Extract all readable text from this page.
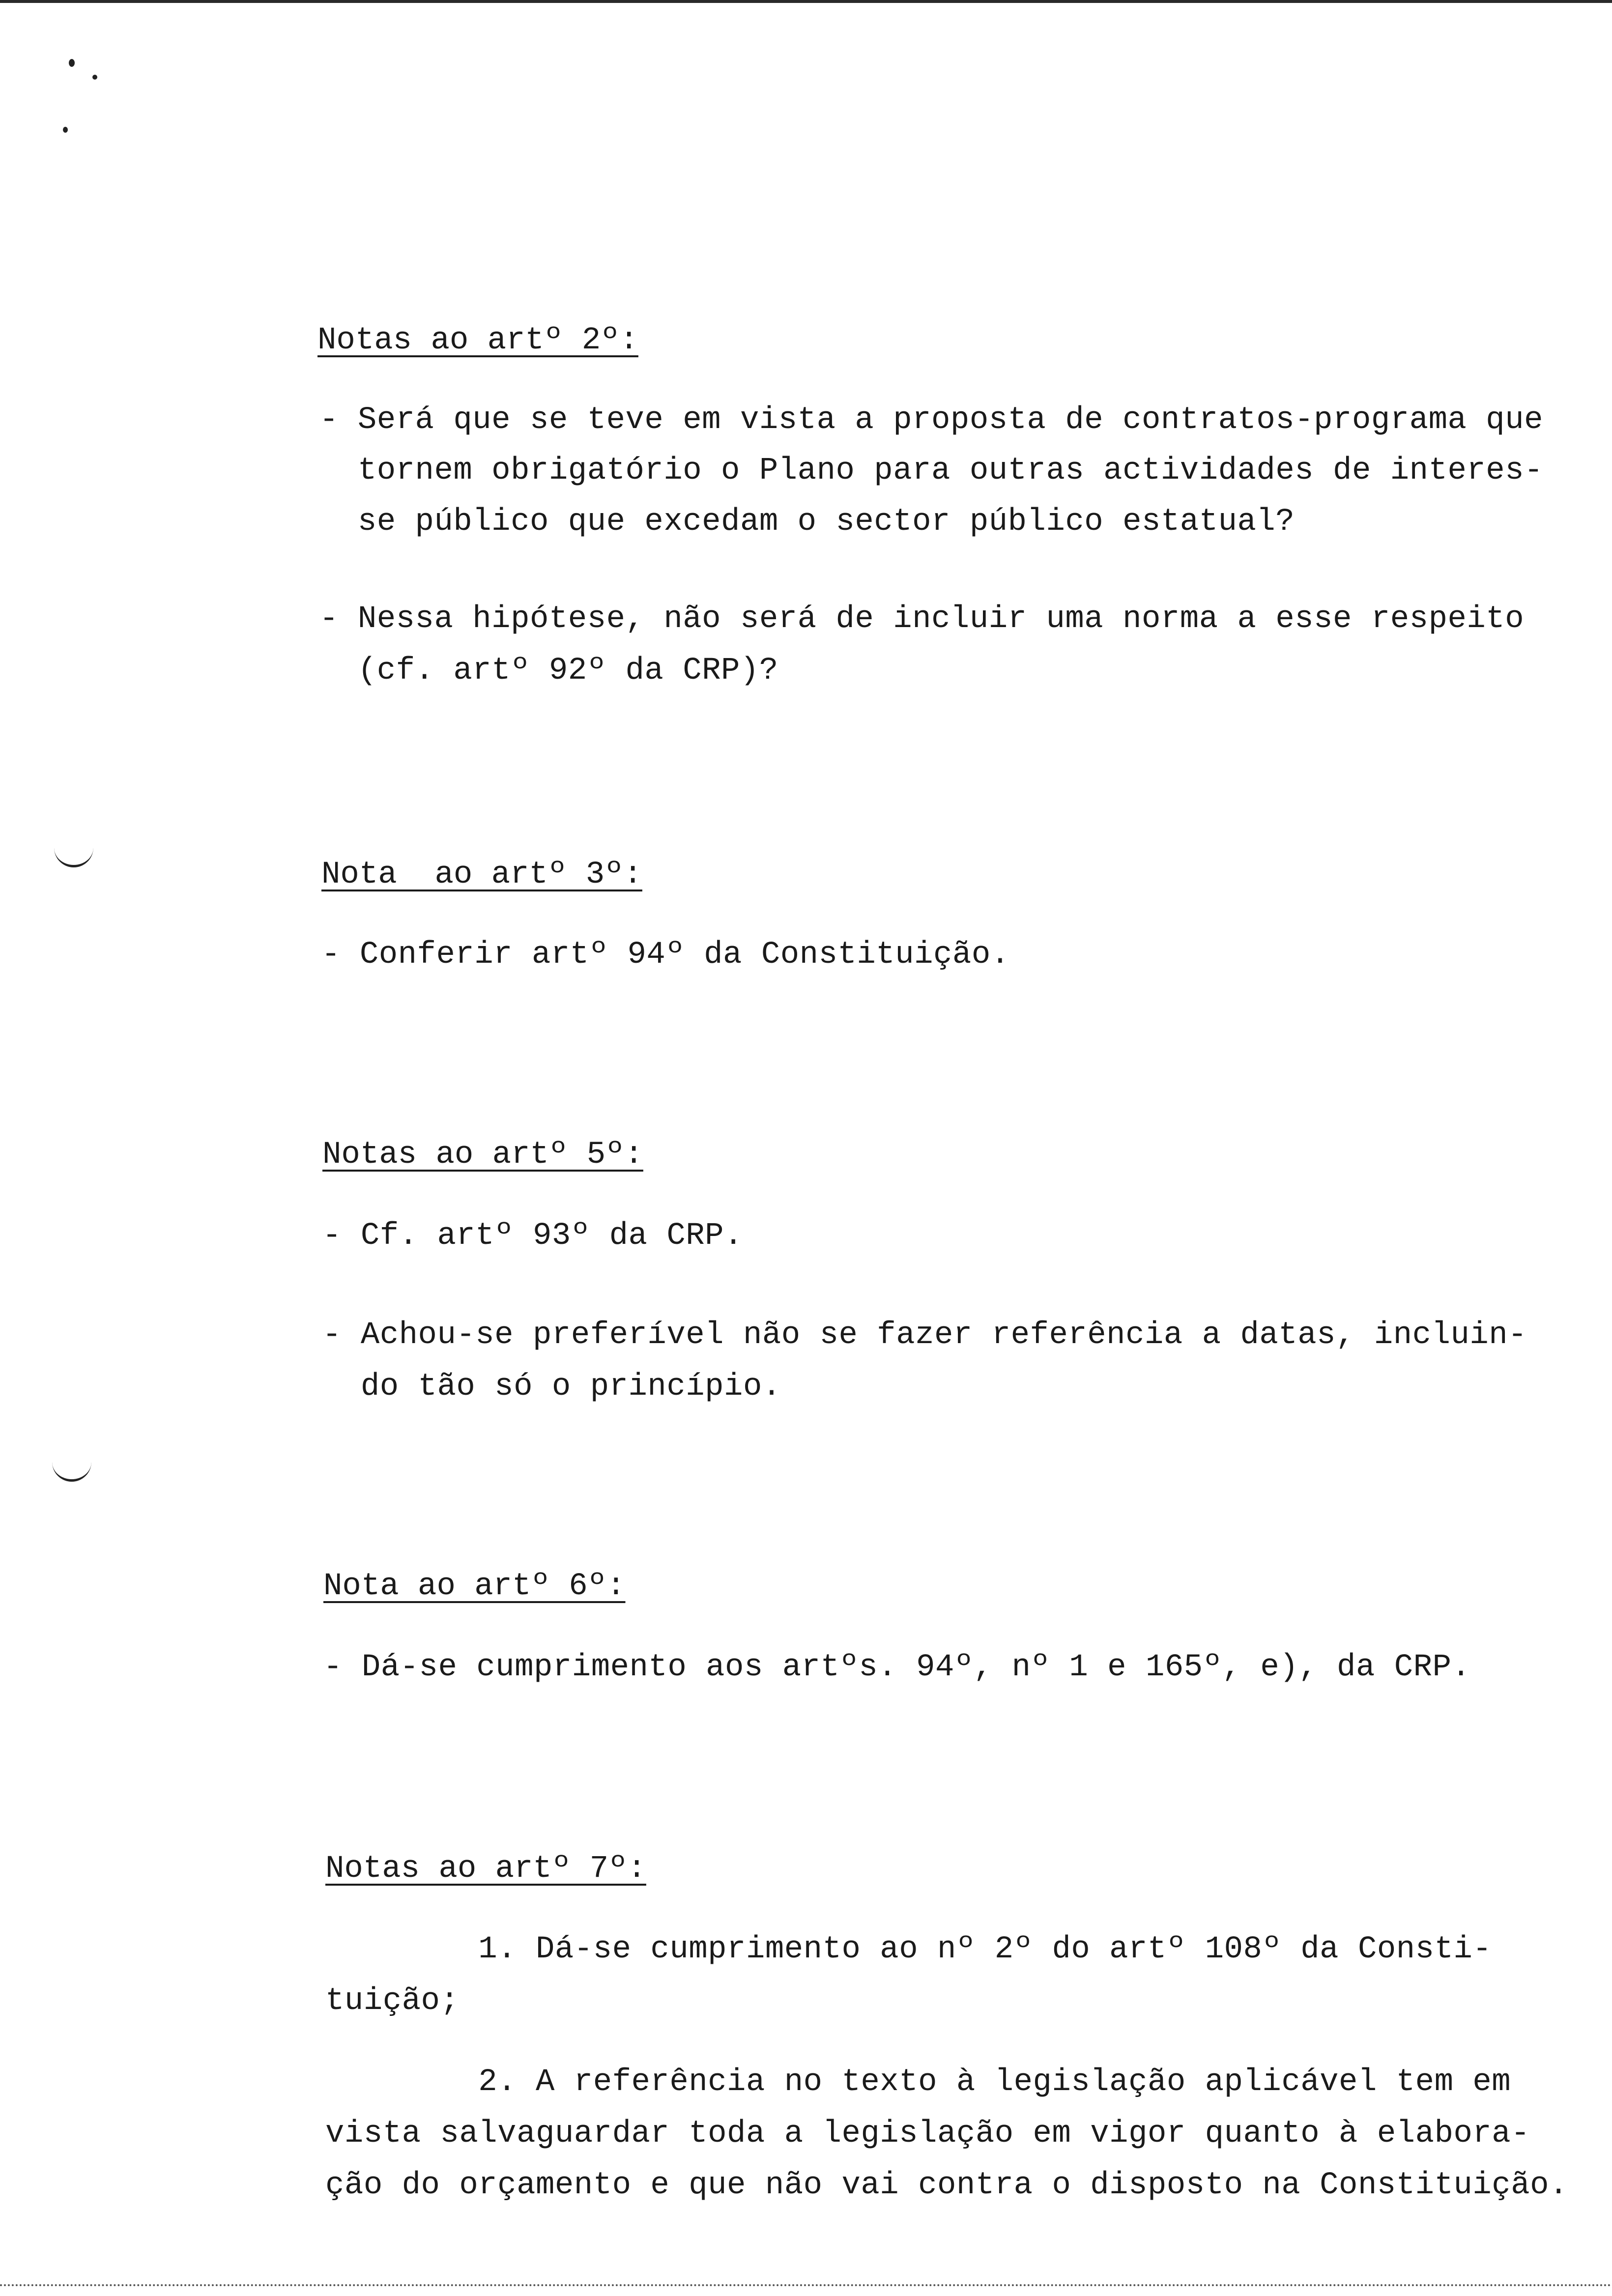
Notas ao artº 2º:
- Será que se teve em vista a proposta de contratos-programa que
tornem obrigatório o Plano para outras actividades de interes-
se público que excedam o sector público estatual?
- Nessa hipótese, não será de incluir uma norma a esse respeito
(cf. artº 92º da CRP)?
Nota  ao artº 3º:
- Conferir artº 94º da Constituição.
Notas ao artº 5º:
- Cf. artº 93º da CRP.
- Achou-se preferível não se fazer referência a datas, incluin-
do tão só o princípio.
Nota ao artº 6º:
- Dá-se cumprimento aos artºs. 94º, nº 1 e 165º, e), da CRP.
Notas ao artº 7º:
1. Dá-se cumprimento ao nº 2º do artº 108º da Consti-
tuição;
2. A referência no texto à legislação aplicável tem em
vista salvaguardar toda a legislação em vigor quanto à elabora-
ção do orçamento e que não vai contra o disposto na Constituição.
